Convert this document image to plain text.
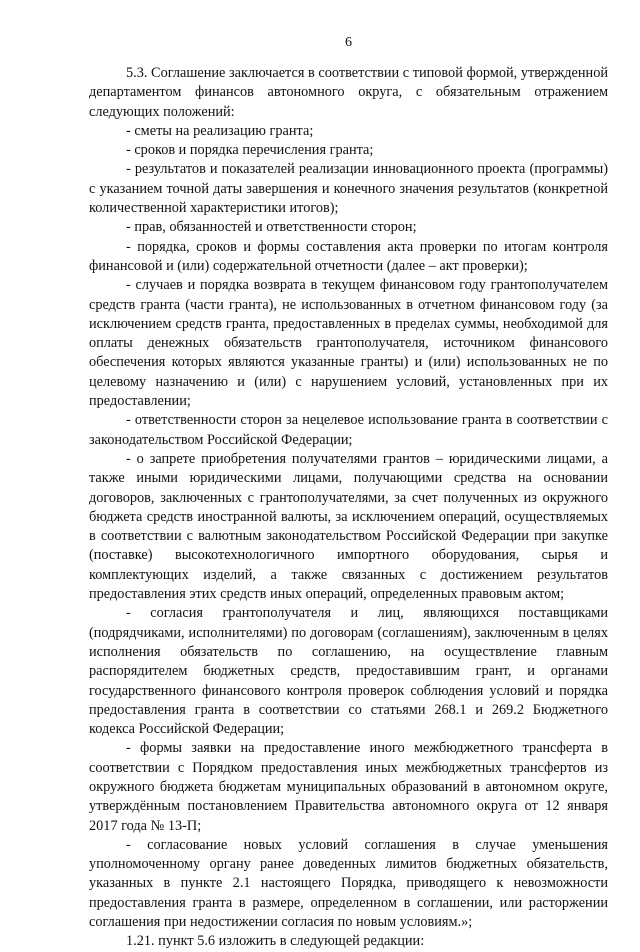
6

5.3. Соглашение заключается в соответствии с типовой формой, утвержденной департаментом финансов автономного округа, с обязательным отражением следующих положений:

- сметы на реализацию гранта;

- сроков и порядка перечисления гранта;

- результатов и показателей реализации инновационного проекта (программы) с указанием точной даты завершения и конечного значения результатов (конкретной количественной характеристики итогов);

- прав, обязанностей и ответственности сторон;

- порядка, сроков и формы составления акта проверки по итогам контроля финансовой и (или) содержательной отчетности (далее – акт проверки);

- случаев и порядка возврата в текущем финансовом году грантополучателем средств гранта (части гранта), не использованных в отчетном финансовом году (за исключением средств гранта, предоставленных в пределах суммы, необходимой для оплаты денежных обязательств грантополучателя, источником финансового обеспечения которых являются указанные гранты) и (или) использованных не по целевому назначению и (или) с нарушением условий, установленных при их предоставлении;

- ответственности сторон за нецелевое использование гранта в соответствии с законодательством Российской Федерации;

- о запрете приобретения получателями грантов – юридическими лицами, а также иными юридическими лицами, получающими средства на основании договоров, заключенных с грантополучателями, за счет полученных из окружного бюджета средств иностранной валюты, за исключением операций, осуществляемых в соответствии с валютным законодательством Российской Федерации при закупке (поставке) высокотехнологичного импортного оборудования, сырья и комплектующих изделий, а также связанных с достижением результатов предоставления этих средств иных операций, определенных правовым актом;

- согласия грантополучателя и лиц, являющихся поставщиками (подрядчиками, исполнителями) по договорам (соглашениям), заключенным в целях исполнения обязательств по соглашению, на осуществление главным распорядителем бюджетных средств, предоставившим грант, и органами государственного финансового контроля проверок соблюдения условий и порядка предоставления гранта в соответствии со статьями 268.1 и 269.2 Бюджетного кодекса Российской Федерации;

- формы заявки на предоставление иного межбюджетного трансферта в соответствии с Порядком предоставления иных межбюджетных трансфертов из окружного бюджета бюджетам муниципальных образований в автономном округе, утверждённым постановлением Правительства автономного округа от 12 января 2017 года № 13-П;

- согласование новых условий соглашения в случае уменьшения уполномоченному органу ранее доведенных лимитов бюджетных обязательств, указанных в пункте 2.1 настоящего Порядка, приводящего к невозможности предоставления гранта в размере, определенном в соглашении, или расторжении соглашения при недостижении согласия по новым условиям.»;

1.21. пункт 5.6 изложить в следующей редакции:
